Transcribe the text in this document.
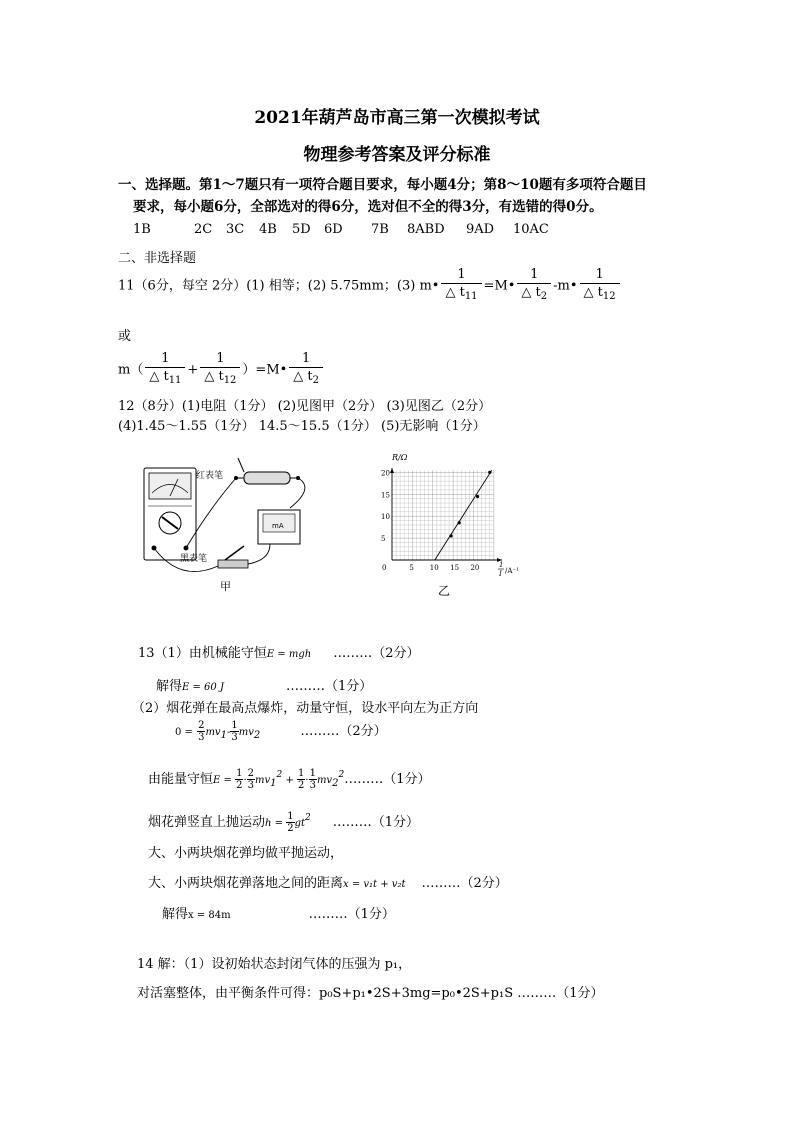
2021年葫芦岛市高三第一次模拟考试
物理参考答案及评分标准
一、选择题。第1～7题只有一项符合题目要求，每小题4分；第8～10题有多项符合题目
要求，每小题6分，全部选对的得6分，选对但不全的得3分，有选错的得0分。
1B	2C 3C 4B 5D 6D 7B 8ABD 9AD 10AC
二、非选择题
11（6分，每空 2分）(1) 相等；(2) 5.75mm；(3) m• $\frac{1}{\triangle t_{11}}$ =M• $\frac{1}{\triangle t_2}$ -m• $\frac{1}{\triangle t_{12}}$
或
$m( \frac{1}{\triangle t_{11}} + \frac{1}{\triangle t_{12}}$ ）=M• $\frac{1}{\triangle t_2}$
12（8分）(1)电阻（1分） (2)见图甲（2分） (3)见图乙（2分）
(4)1.45～1.55（1分） 14.5～15.5（1分） (5)无影响（1分）
红表笔
mA
黑表笔
甲
0	5 10 15 20
5
10
15
20
R/Ω
1
I /A⁻¹
乙
13（1）由机械能守恒E = mgh ………（2分）
解得E = 60 J	………（1分）
（2）烟花弹在最高点爆炸，动量守恒，设水平向左为正方向
$0 = \frac{2}{3} mv1- \frac{1}{3} mv2$	………（2分）
由能量守恒$E = \frac{1}{2} \cdot \frac{2}{3} mv12 + \frac{1}{2} \cdot \frac{1}{3}$ mv22………（1分）
烟花弹竖直上抛运动$h = \frac{1}{2} gt2$ ………（1分）
大、小两块烟花弹均做平抛运动，
大、小两块烟花弹落地之间的距离x = v₁t + v₂t ………（2分）
解得x = 84m	………（1分）
14 解：（1）设初始状态封闭气体的压强为 p₁，
对活塞整体，由平衡条件可得：p₀S+p₁•2S+3mg=p₀•2S+p₁S ………（1分）
